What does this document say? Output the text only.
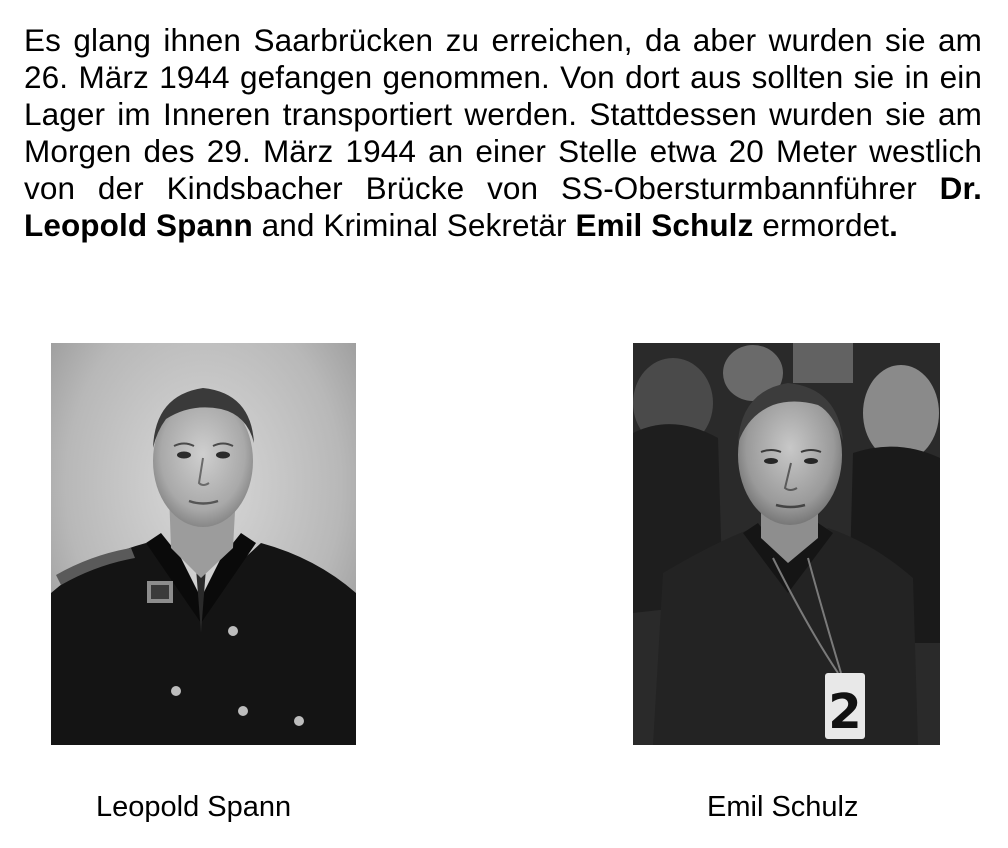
Es glang ihnen Saarbrücken zu erreichen, da aber wurden sie am 26. März 1944 gefangen genommen. Von dort aus sollten sie in ein Lager im Inneren transportiert werden. Stattdessen wurden sie am Morgen des 29. März 1944 an einer Stelle etwa 20 Meter westlich von der Kindsbacher Brücke von SS-Obersturmbannführer Dr. Leopold Spann and Kriminal Sekretär Emil Schulz ermordet.
2
Leopold Spann	Emil Schulz
